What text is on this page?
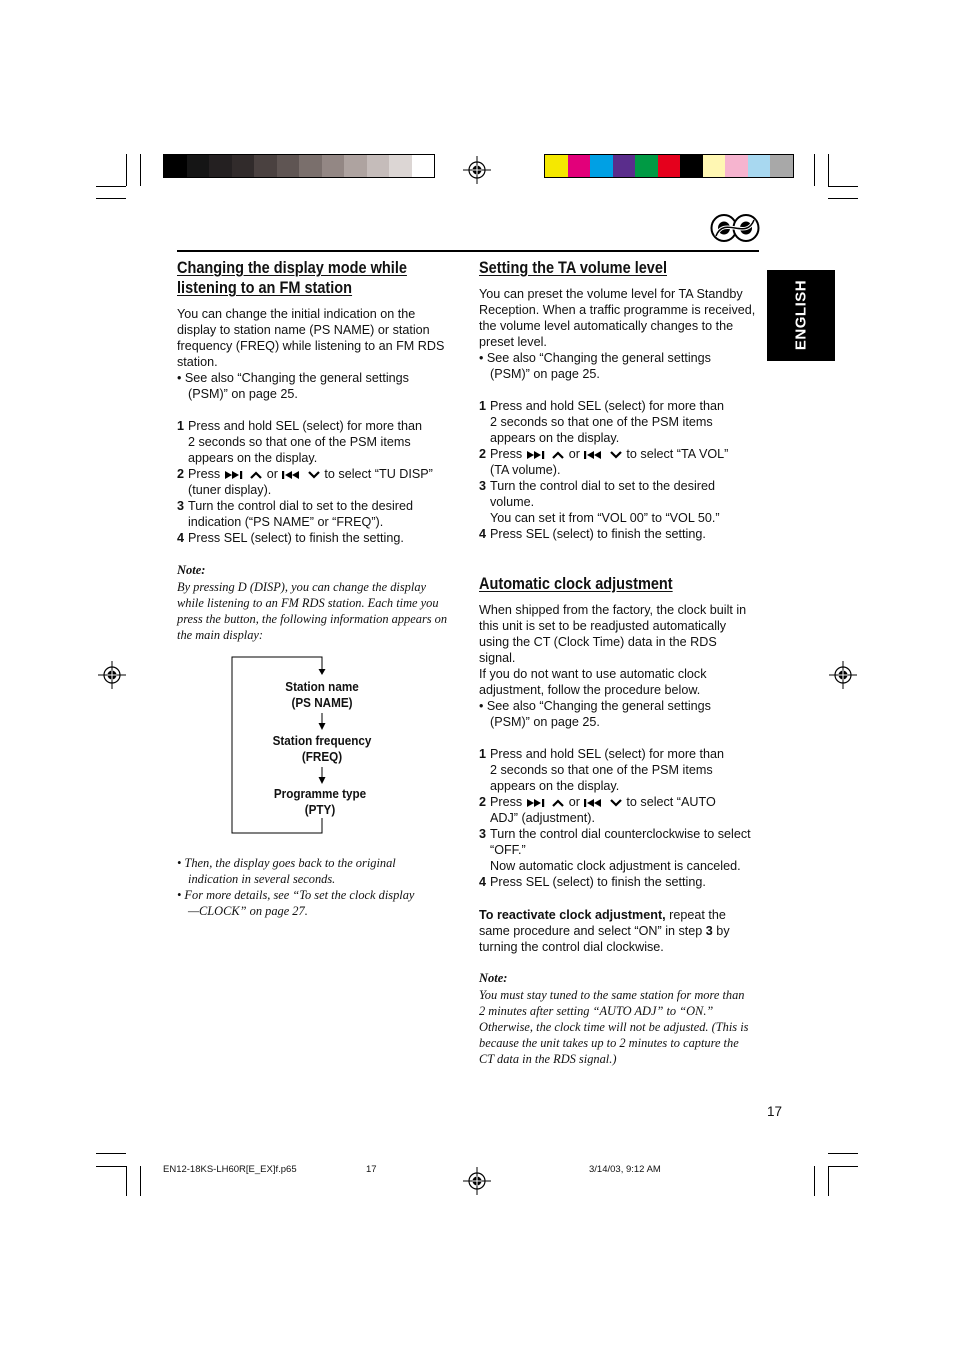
ENGLISH
Changing the display mode while
listening to an FM station
You can change the initial indication on the
display to station name (PS NAME) or station
frequency (FREQ) while listening to an FM RDS
station.
• See also “Changing the general settings
(PSM)” on page 25.
1 Press and hold SEL (select) for more than
2 seconds so that one of the PSM items
appears on the display.
2 Press	or	to select “TU DISP”
(tuner display).
3 Turn the control dial to set to the desired
indication (“PS NAME” or “FREQ”).
4 Press SEL (select) to finish the setting.
Note:
By pressing D (DISP), you can change the display
while listening to an FM RDS station. Each time you
press the button, the following information appears on
the main display:
Station name
(PS NAME)
Station frequency
(FREQ)
Programme type
(PTY)
• Then, the display goes back to the original
indication in several seconds.
• For more details, see “To set the clock display
—CLOCK” on page 27.
Setting the TA volume level
You can preset the volume level for TA Standby
Reception. When a traffic programme is received,
the volume level automatically changes to the
preset level.
• See also “Changing the general settings
(PSM)” on page 25.
1 Press and hold SEL (select) for more than
2 seconds so that one of the PSM items
appears on the display.
2 Press	or	to select “TA VOL”
(TA volume).
3 Turn the control dial to set to the desired
volume.
You can set it from “VOL 00” to “VOL 50.”
4 Press SEL (select) to finish the setting.
Automatic clock adjustment
When shipped from the factory, the clock built in
this unit is set to be readjusted automatically
using the CT (Clock Time) data in the RDS
signal.
If you do not want to use automatic clock
adjustment, follow the procedure below.
• See also “Changing the general settings
(PSM)” on page 25.
1 Press and hold SEL (select) for more than
2 seconds so that one of the PSM items
appears on the display.
2 Press	or	to select “AUTO
ADJ” (adjustment).
3 Turn the control dial counterclockwise to select
“OFF.”
Now automatic clock adjustment is canceled.
4 Press SEL (select) to finish the setting.
To reactivate clock adjustment, repeat the
same procedure and select “ON” in step 3 by
turning the control dial clockwise.
Note:
You must stay tuned to the same station for more than
2 minutes after setting “AUTO ADJ” to “ON.”
Otherwise, the clock time will not be adjusted. (This is
because the unit takes up to 2 minutes to capture the
CT data in the RDS signal.)
17
EN12-18KS-LH60R[E_EX]f.p65	17	3/14/03, 9:12 AM
